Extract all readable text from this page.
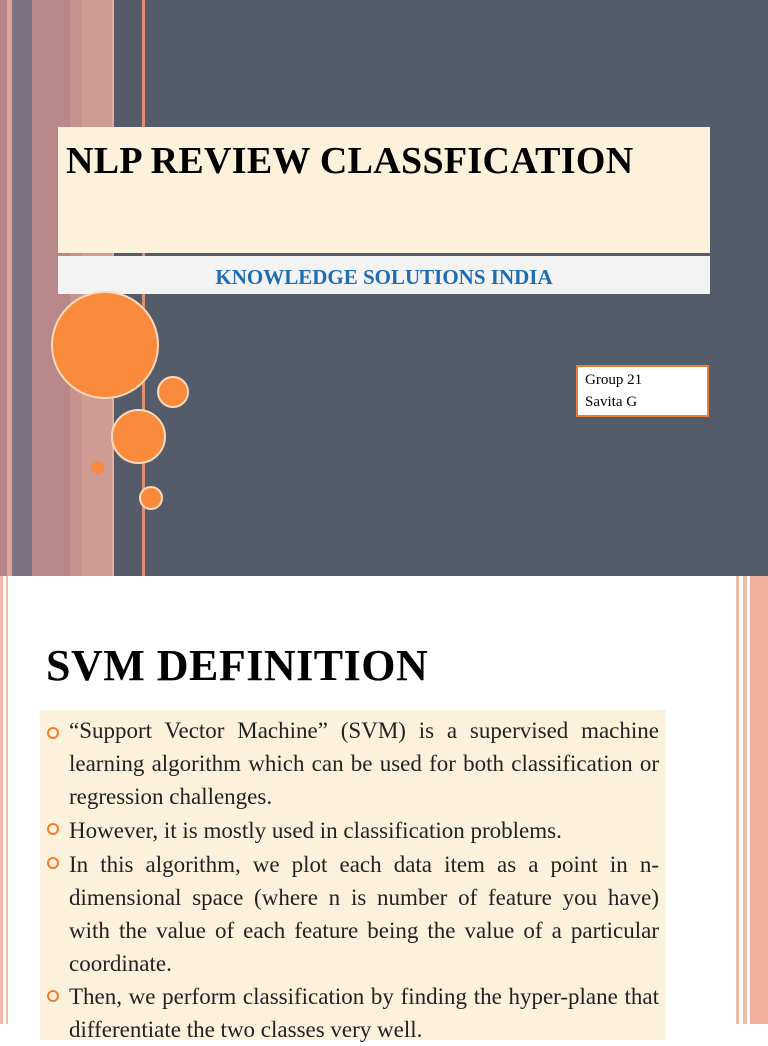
NLP REVIEW CLASSFICATION
KNOWLEDGE SOLUTIONS INDIA
Group 21
Savita G
SVM DEFINITION
“Support Vector Machine” (SVM) is a supervised machine learning algorithm which can be used for both classification or regression challenges.
However, it is mostly used in classification problems.
In this algorithm, we plot each data item as a point in n-dimensional space (where n is number of feature you have) with the value of each feature being the value of a particular coordinate.
Then, we perform classification by finding the hyper-plane that differentiate the two classes very well.
